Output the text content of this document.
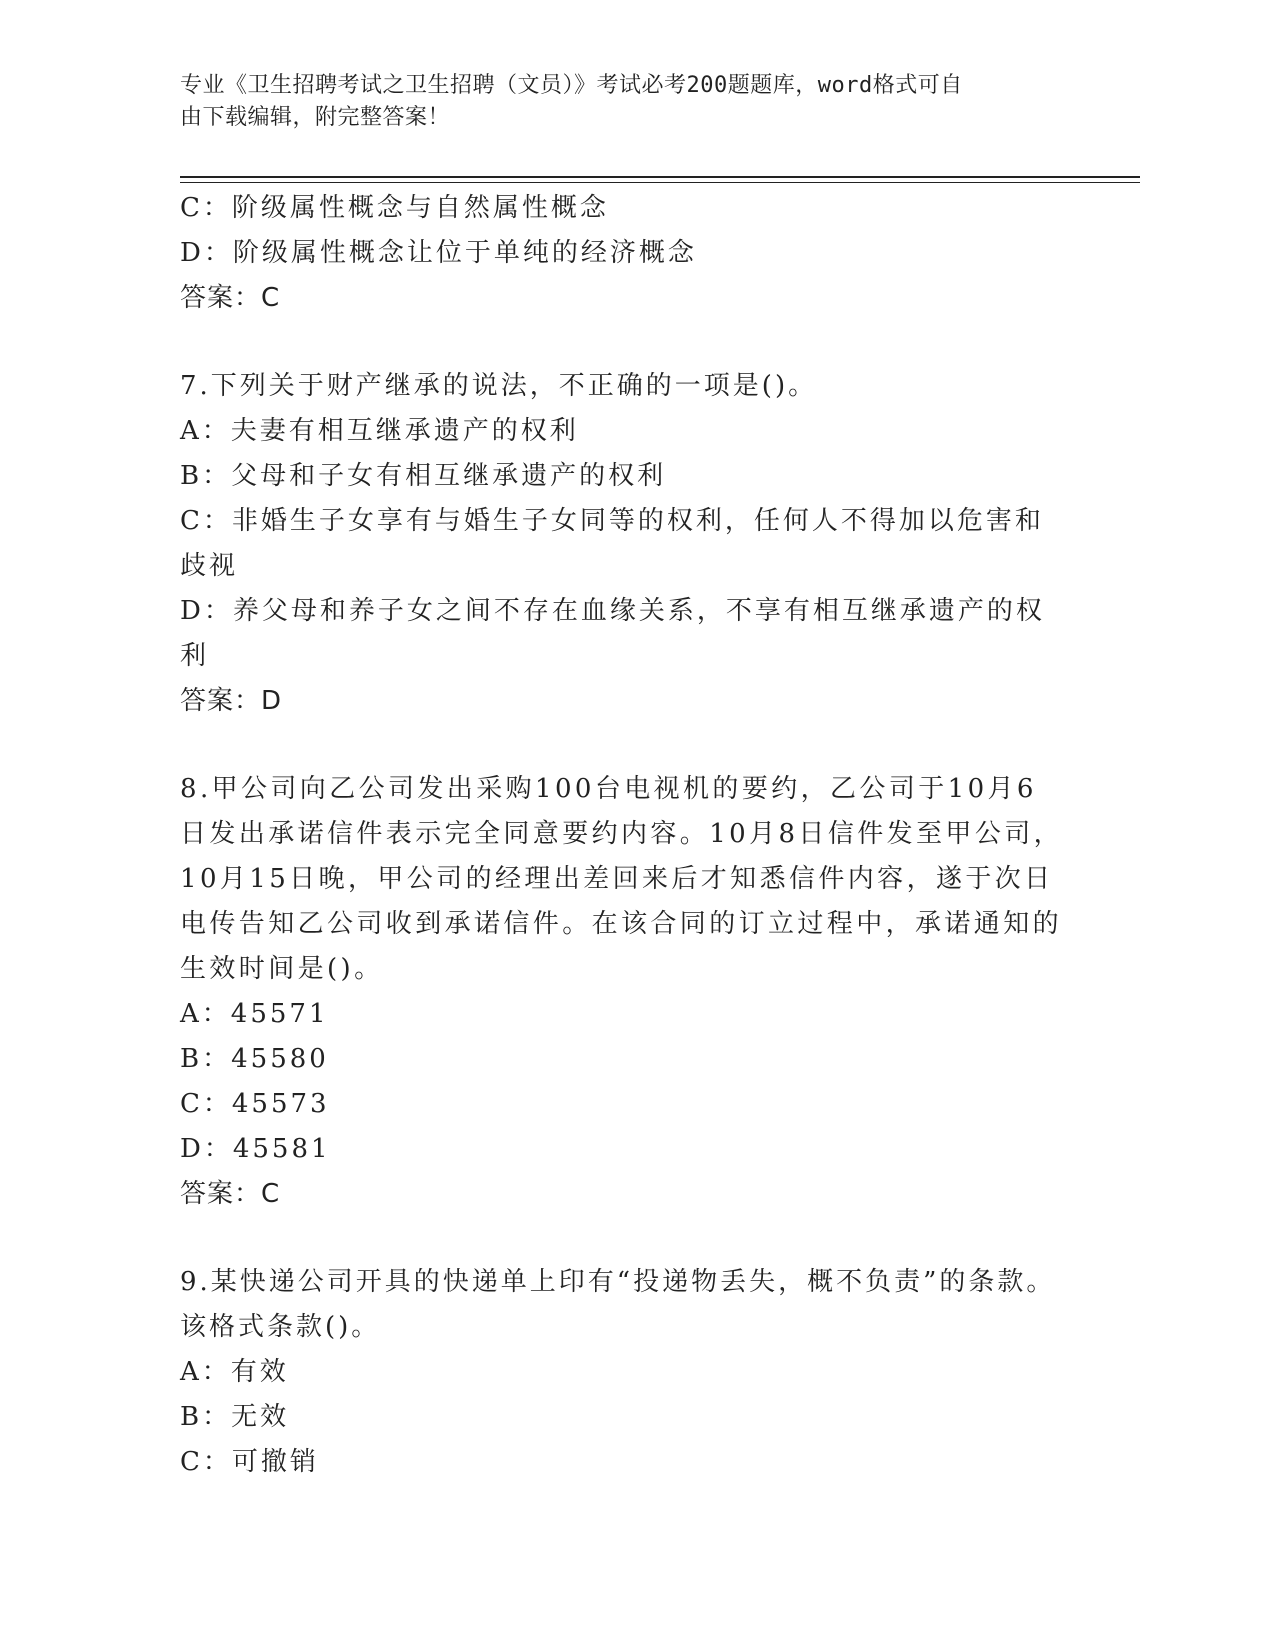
专业《卫生招聘考试之卫生招聘（文员）》考试必考200题题库，word格式可自
由下载编辑，附完整答案！
C：阶级属性概念与自然属性概念
D：阶级属性概念让位于单纯的经济概念
答案：C
7.下列关于财产继承的说法，不正确的一项是()。
A：夫妻有相互继承遗产的权利
B：父母和子女有相互继承遗产的权利
C：非婚生子女享有与婚生子女同等的权利，任何人不得加以危害和歧视
D：养父母和养子女之间不存在血缘关系，不享有相互继承遗产的权利
答案：D
8.甲公司向乙公司发出采购100台电视机的要约，乙公司于10月6日发出承诺信件表示完全同意要约内容。10月8日信件发至甲公司，10月15日晚，甲公司的经理出差回来后才知悉信件内容，遂于次日电传告知乙公司收到承诺信件。在该合同的订立过程中，承诺通知的生效时间是()。
A：45571
B：45580
C：45573
D：45581
答案：C
9.某快递公司开具的快递单上印有“投递物丢失，概不负责”的条款。该格式条款()。
A：有效
B：无效
C：可撤销
